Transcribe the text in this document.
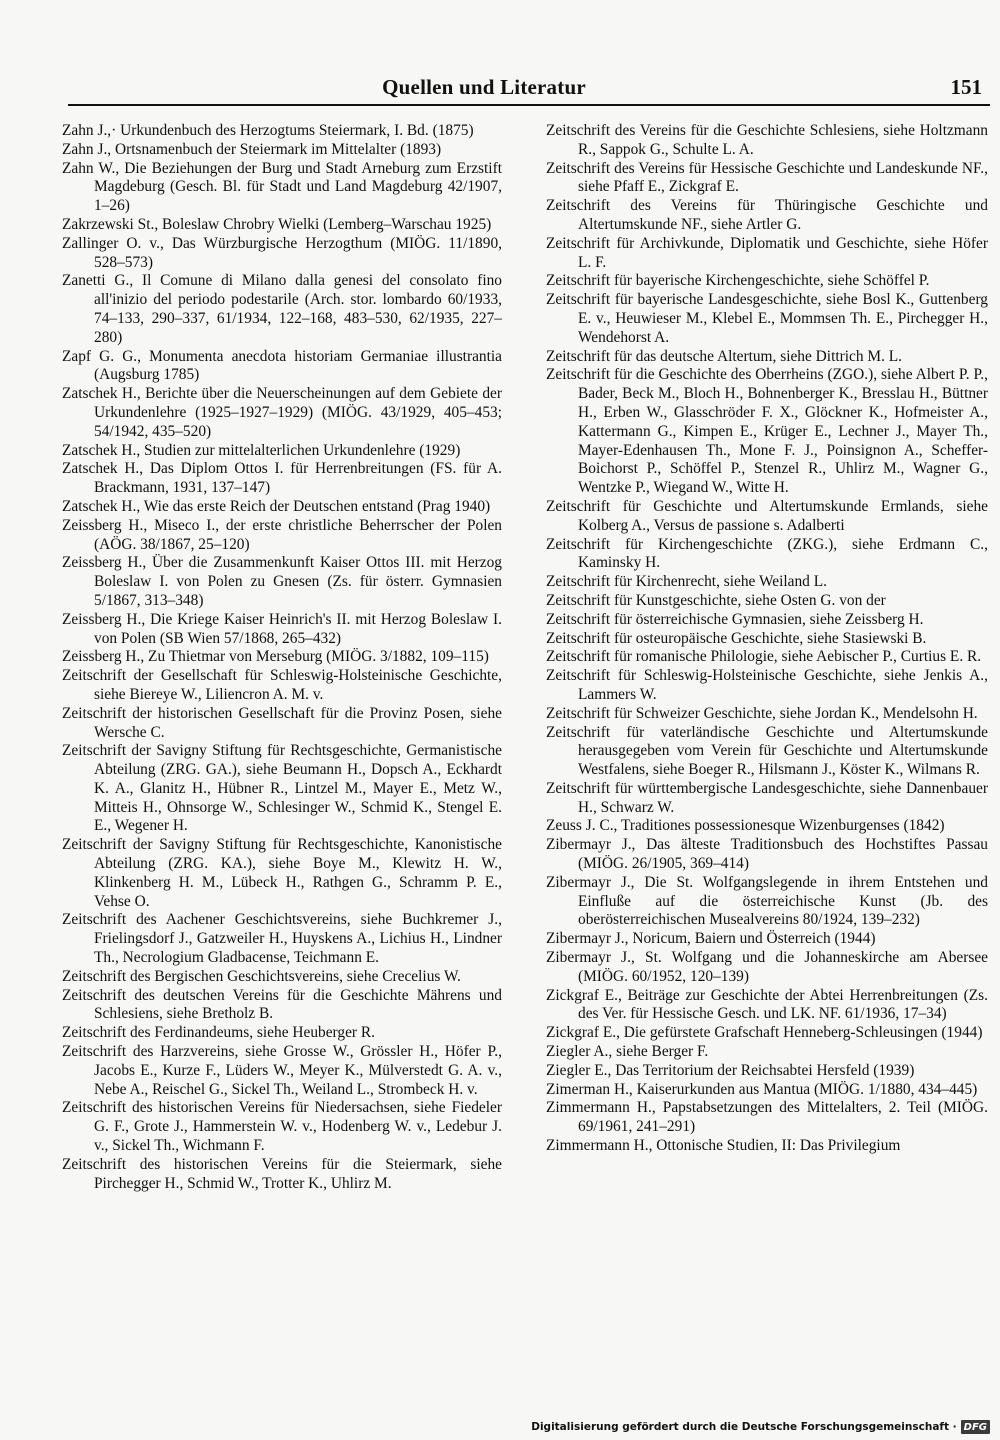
Quellen und Literatur	151

Zahn J.,· Urkundenbuch des Herzogtums Steiermark, I. Bd. (1875)

Zahn J., Ortsnamenbuch der Steiermark im Mittelalter (1893)

Zahn W., Die Beziehungen der Burg und Stadt Arneburg zum Erzstift Magdeburg (Gesch. Bl. für Stadt und Land Magdeburg 42/1907, 1–26)

Zakrzewski St., Boleslaw Chrobry Wielki (Lemberg–Warschau 1925)

Zallinger O. v., Das Würzburgische Herzogthum (MIÖG. 11/1890, 528–573)

Zanetti G., Il Comune di Milano dalla genesi del consolato fino all'inizio del periodo podestarile (Arch. stor. lombardo 60/1933, 74–133, 290–337, 61/1934, 122–168, 483–530, 62/1935, 227–280)

Zapf G. G., Monumenta anecdota historiam Germaniae illustrantia (Augsburg 1785)

Zatschek H., Berichte über die Neuerscheinungen auf dem Gebiete der Urkundenlehre (1925–1927–1929) (MIÖG. 43/1929, 405–453; 54/1942, 435–520)

Zatschek H., Studien zur mittelalterlichen Urkundenlehre (1929)

Zatschek H., Das Diplom Ottos I. für Herrenbreitungen (FS. für A. Brackmann, 1931, 137–147)

Zatschek H., Wie das erste Reich der Deutschen entstand (Prag 1940)

Zeissberg H., Miseco I., der erste christliche Beherrscher der Polen (AÖG. 38/1867, 25–120)

Zeissberg H., Über die Zusammenkunft Kaiser Ottos III. mit Herzog Boleslaw I. von Polen zu Gnesen (Zs. für österr. Gymnasien 5/1867, 313–348)

Zeissberg H., Die Kriege Kaiser Heinrich's II. mit Herzog Boleslaw I. von Polen (SB Wien 57/1868, 265–432)

Zeissberg H., Zu Thietmar von Merseburg (MIÖG. 3/1882, 109–115)

Zeitschrift der Gesellschaft für Schleswig-Holsteinische Geschichte, siehe Biereye W., Liliencron A. M. v.

Zeitschrift der historischen Gesellschaft für die Provinz Posen, siehe Wersche C.

Zeitschrift der Savigny Stiftung für Rechtsgeschichte, Germanistische Abteilung (ZRG. GA.), siehe Beumann H., Dopsch A., Eckhardt K. A., Glanitz H., Hübner R., Lintzel M., Mayer E., Metz W., Mitteis H., Ohnsorge W., Schlesinger W., Schmid K., Stengel E. E., Wegener H.

Zeitschrift der Savigny Stiftung für Rechtsgeschichte, Kanonistische Abteilung (ZRG. KA.), siehe Boye M., Klewitz H. W., Klinkenberg H. M., Lübeck H., Rathgen G., Schramm P. E., Vehse O.

Zeitschrift des Aachener Geschichtsvereins, siehe Buchkremer J., Frielingsdorf J., Gatzweiler H., Huyskens A., Lichius H., Lindner Th., Necrologium Gladbacense, Teichmann E.

Zeitschrift des Bergischen Geschichtsvereins, siehe Crecelius W.

Zeitschrift des deutschen Vereins für die Geschichte Mährens und Schlesiens, siehe Bretholz B.

Zeitschrift des Ferdinandeums, siehe Heuberger R.

Zeitschrift des Harzvereins, siehe Grosse W., Grössler H., Höfer P., Jacobs E., Kurze F., Lüders W., Meyer K., Mülverstedt G. A. v., Nebe A., Reischel G., Sickel Th., Weiland L., Strombeck H. v.

Zeitschrift des historischen Vereins für Niedersachsen, siehe Fiedeler G. F., Grote J., Hammerstein W. v., Hodenberg W. v., Ledebur J. v., Sickel Th., Wichmann F.

Zeitschrift des historischen Vereins für die Steiermark, siehe Pirchegger H., Schmid W., Trotter K., Uhlirz M.

Zeitschrift des Vereins für die Geschichte Schlesiens, siehe Holtzmann R., Sappok G., Schulte L. A.

Zeitschrift des Vereins für Hessische Geschichte und Landeskunde NF., siehe Pfaff E., Zickgraf E.

Zeitschrift des Vereins für Thüringische Geschichte und Altertumskunde NF., siehe Artler G.

Zeitschrift für Archivkunde, Diplomatik und Geschichte, siehe Höfer L. F.

Zeitschrift für bayerische Kirchengeschichte, siehe Schöffel P.

Zeitschrift für bayerische Landesgeschichte, siehe Bosl K., Guttenberg E. v., Heuwieser M., Klebel E., Mommsen Th. E., Pirchegger H., Wendehorst A.

Zeitschrift für das deutsche Altertum, siehe Dittrich M. L.

Zeitschrift für die Geschichte des Oberrheins (ZGO.), siehe Albert P. P., Bader, Beck M., Bloch H., Bohnenberger K., Bresslau H., Büttner H., Erben W., Glasschröder F. X., Glöckner K., Hofmeister A., Kattermann G., Kimpen E., Krüger E., Lechner J., Mayer Th., Mayer-Edenhausen Th., Mone F. J., Poinsignon A., Scheffer-Boichorst P., Schöffel P., Stenzel R., Uhlirz M., Wagner G., Wentzke P., Wiegand W., Witte H.

Zeitschrift für Geschichte und Altertumskunde Ermlands, siehe Kolberg A., Versus de passione s. Adalberti

Zeitschrift für Kirchengeschichte (ZKG.), siehe Erdmann C., Kaminsky H.

Zeitschrift für Kirchenrecht, siehe Weiland L.

Zeitschrift für Kunstgeschichte, siehe Osten G. von der

Zeitschrift für österreichische Gymnasien, siehe Zeissberg H.

Zeitschrift für osteuropäische Geschichte, siehe Stasiewski B.

Zeitschrift für romanische Philologie, siehe Aebischer P., Curtius E. R.

Zeitschrift für Schleswig-Holsteinische Geschichte, siehe Jenkis A., Lammers W.

Zeitschrift für Schweizer Geschichte, siehe Jordan K., Mendelsohn H.

Zeitschrift für vaterländische Geschichte und Altertumskunde herausgegeben vom Verein für Geschichte und Altertumskunde Westfalens, siehe Boeger R., Hilsmann J., Köster K., Wilmans R.

Zeitschrift für württembergische Landesgeschichte, siehe Dannenbauer H., Schwarz W.

Zeuss J. C., Traditiones possessionesque Wizenburgenses (1842)

Zibermayr J., Das älteste Traditionsbuch des Hochstiftes Passau (MIÖG. 26/1905, 369–414)

Zibermayr J., Die St. Wolfgangslegende in ihrem Entstehen und Einfluße auf die österreichische Kunst (Jb. des oberösterreichischen Musealvereins 80/1924, 139–232)

Zibermayr J., Noricum, Baiern und Österreich (1944)

Zibermayr J., St. Wolfgang und die Johanneskirche am Abersee (MIÖG. 60/1952, 120–139)

Zickgraf E., Beiträge zur Geschichte der Abtei Herrenbreitungen (Zs. des Ver. für Hessische Gesch. und LK. NF. 61/1936, 17–34)

Zickgraf E., Die gefürstete Grafschaft Henneberg-Schleusingen (1944)

Ziegler A., siehe Berger F.

Ziegler E., Das Territorium der Reichsabtei Hersfeld (1939)

Zimerman H., Kaiserurkunden aus Mantua (MIÖG. 1/1880, 434–445)

Zimmermann H., Papstabsetzungen des Mittelalters, 2. Teil (MIÖG. 69/1961, 241–291)

Zimmermann H., Ottonische Studien, II: Das Privilegium

Digitalisierung gefördert durch die Deutsche Forschungsgemeinschaft · DFG
